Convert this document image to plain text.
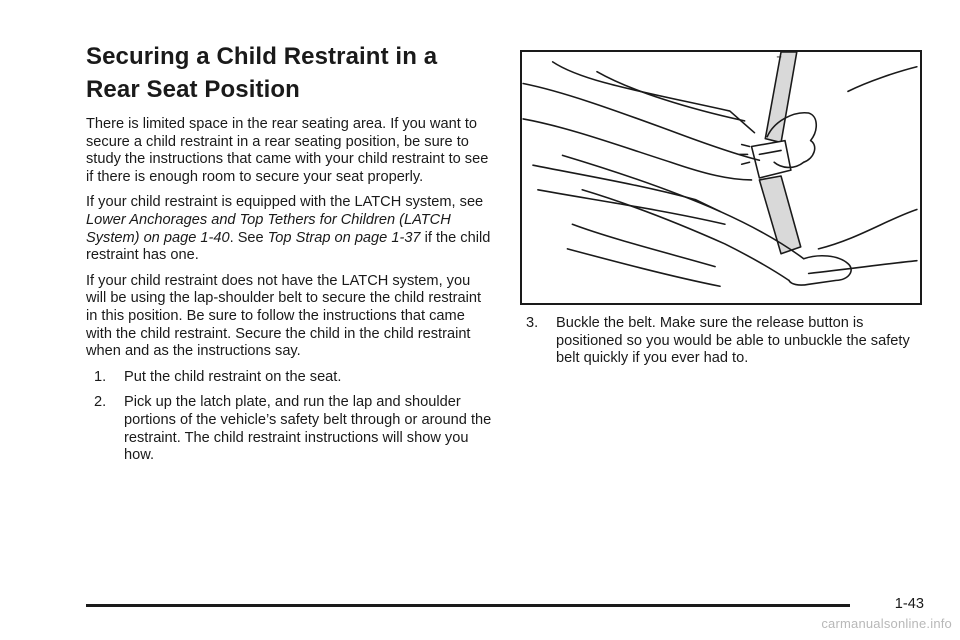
Securing a Child Restraint in a Rear Seat Position

There is limited space in the rear seating area. If you want to secure a child restraint in a rear seating position, be sure to study the instructions that came with your child restraint to see if there is enough room to secure your seat properly.

If your child restraint is equipped with the LATCH system, see Lower Anchorages and Top Tethers for Children (LATCH System) on page 1-40. See Top Strap on page 1-37 if the child restraint has one.

If your child restraint does not have the LATCH system, you will be using the lap-shoulder belt to secure the child restraint in this position. Be sure to follow the instructions that came with the child restraint. Secure the child in the child restraint when and as the instructions say.

1. Put the child restraint on the seat.
2. Pick up the latch plate, and run the lap and shoulder portions of the vehicle’s safety belt through or around the restraint. The child restraint instructions will show you how.
3. Buckle the belt. Make sure the release button is positioned so you would be able to unbuckle the safety belt quickly if you ever had to.
1-43
carmanualsonline.info
